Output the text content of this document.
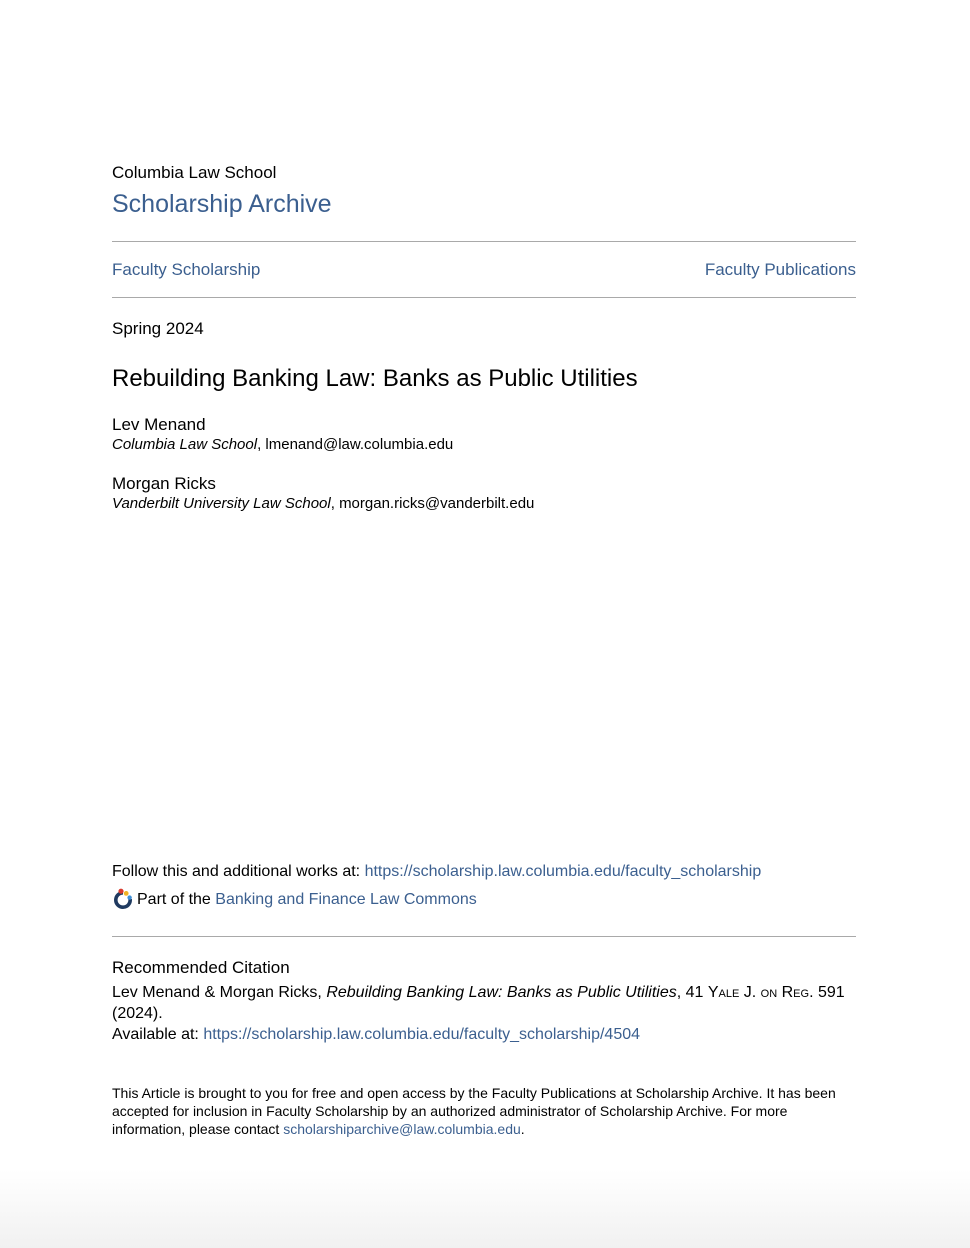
Columbia Law School
Scholarship Archive
Faculty Scholarship	Faculty Publications
Spring 2024
Rebuilding Banking Law: Banks as Public Utilities
Lev Menand
Columbia Law School, lmenand@law.columbia.edu
Morgan Ricks
Vanderbilt University Law School, morgan.ricks@vanderbilt.edu
Follow this and additional works at: https://scholarship.law.columbia.edu/faculty_scholarship
Part of the Banking and Finance Law Commons
Recommended Citation
Lev Menand & Morgan Ricks, Rebuilding Banking Law: Banks as Public Utilities, 41 Yale J. on Reg. 591 (2024).
Available at: https://scholarship.law.columbia.edu/faculty_scholarship/4504
This Article is brought to you for free and open access by the Faculty Publications at Scholarship Archive. It has been accepted for inclusion in Faculty Scholarship by an authorized administrator of Scholarship Archive. For more information, please contact scholarshiparchive@law.columbia.edu.
